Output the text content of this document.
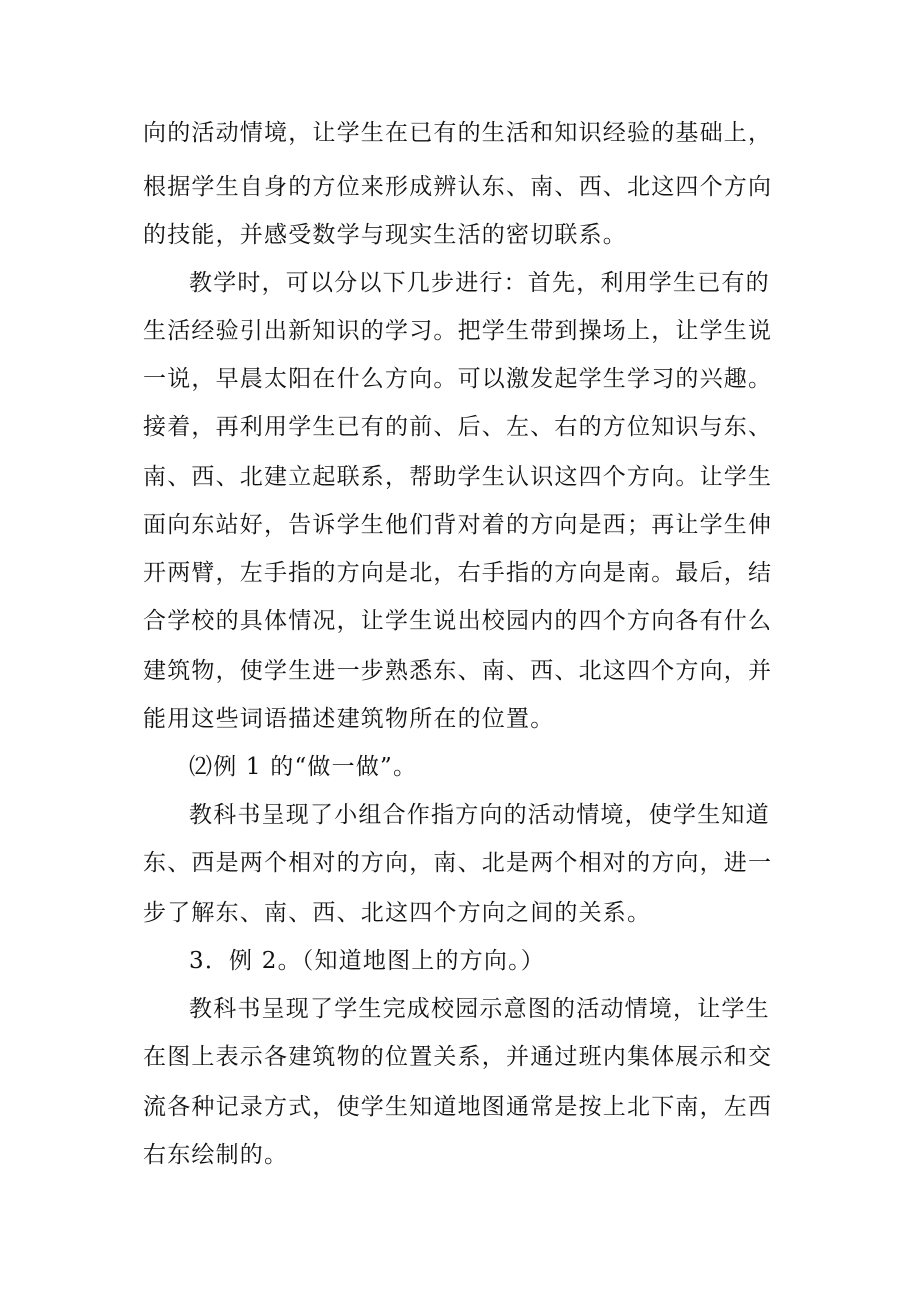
向的活动情境，让学生在已有的生活和知识经验的基础上，
根据学生自身的方位来形成辨认东、南、西、北这四个方向
的技能，并感受数学与现实生活的密切联系。
教学时，可以分以下几步进行：首先，利用学生已有的
生活经验引出新知识的学习。把学生带到操场上，让学生说
一说，早晨太阳在什么方向。可以激发起学生学习的兴趣。
接着，再利用学生已有的前、后、左、右的方位知识与东、
南、西、北建立起联系，帮助学生认识这四个方向。让学生
面向东站好，告诉学生他们背对着的方向是西；再让学生伸
开两臂，左手指的方向是北，右手指的方向是南。最后，结
合学校的具体情况，让学生说出校园内的四个方向各有什么
建筑物，使学生进一步熟悉东、南、西、北这四个方向，并
能用这些词语描述建筑物所在的位置。
⑵例 1 的“做一做”。
教科书呈现了小组合作指方向的活动情境，使学生知道
东、西是两个相对的方向，南、北是两个相对的方向，进一
步了解东、南、西、北这四个方向之间的关系。
3．例 2。（知道地图上的方向。）
教科书呈现了学生完成校园示意图的活动情境，让学生
在图上表示各建筑物的位置关系，并通过班内集体展示和交
流各种记录方式，使学生知道地图通常是按上北下南，左西
右东绘制的。
